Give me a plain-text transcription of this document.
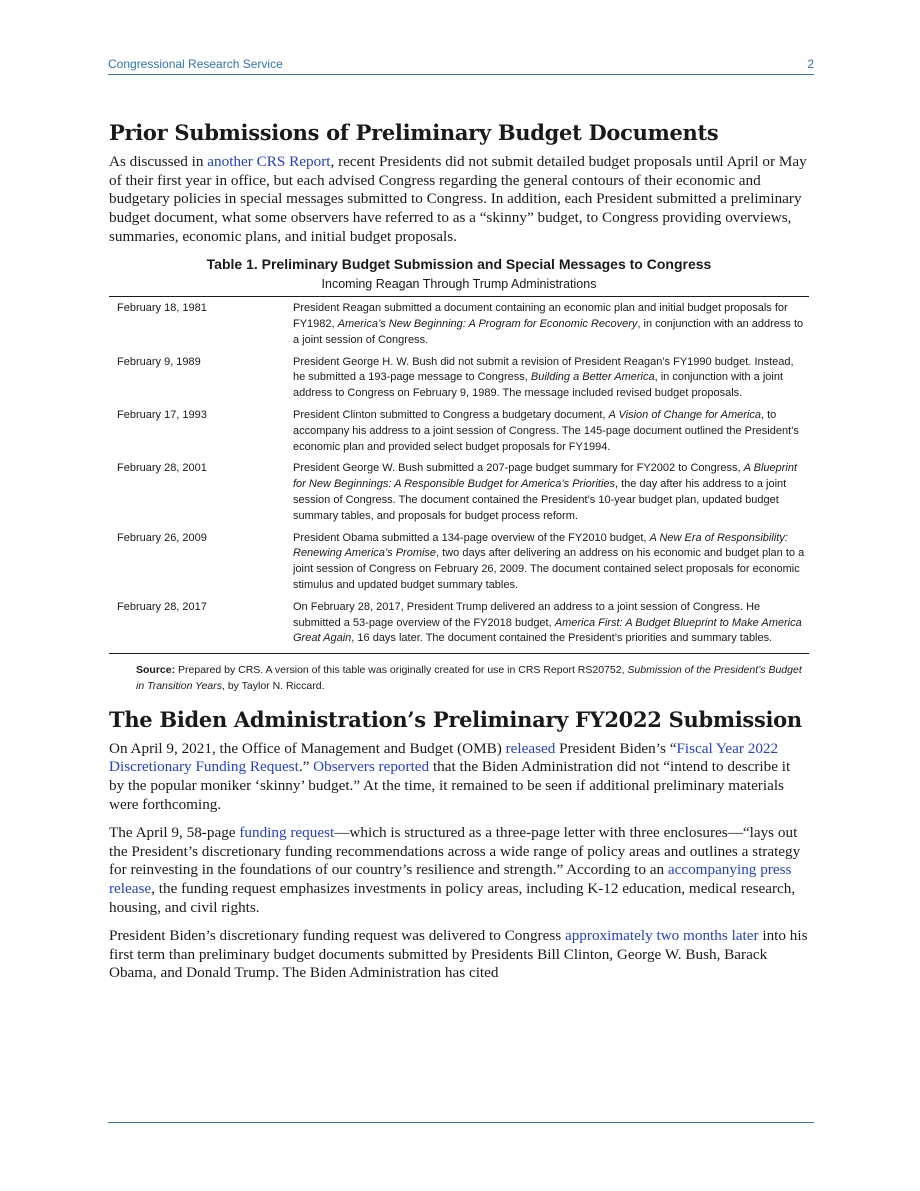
Congressional Research Service	2
Prior Submissions of Preliminary Budget Documents

As discussed in another CRS Report, recent Presidents did not submit detailed budget proposals until April or May of their first year in office, but each advised Congress regarding the general contours of their economic and budgetary policies in special messages submitted to Congress. In addition, each President submitted a preliminary budget document, what some observers have referred to as a “skinny” budget, to Congress providing overviews, summaries, economic plans, and initial budget proposals.

Table 1. Preliminary Budget Submission and Special Messages to Congress
Incoming Reagan Through Trump Administrations
February 18, 1981	President Reagan submitted a document containing an economic plan and initial budget proposals for FY1982, America’s New Beginning: A Program for Economic Recovery, in conjunction with an address to a joint session of Congress.
February 9, 1989	President George H. W. Bush did not submit a revision of President Reagan’s FY1990 budget. Instead, he submitted a 193-page message to Congress, Building a Better America, in conjunction with a joint address to Congress on February 9, 1989. The message included revised budget proposals.
February 17, 1993	President Clinton submitted to Congress a budgetary document, A Vision of Change for America, to accompany his address to a joint session of Congress. The 145-page document outlined the President’s economic plan and provided select budget proposals for FY1994.
February 28, 2001	President George W. Bush submitted a 207-page budget summary for FY2002 to Congress, A Blueprint for New Beginnings: A Responsible Budget for America’s Priorities, the day after his address to a joint session of Congress. The document contained the President’s 10-year budget plan, updated budget summary tables, and proposals for budget process reform.
February 26, 2009	President Obama submitted a 134-page overview of the FY2010 budget, A New Era of Responsibility: Renewing America’s Promise, two days after delivering an address on his economic and budget plan to a joint session of Congress on February 26, 2009. The document contained select proposals for economic stimulus and updated budget summary tables.
February 28, 2017	On February 28, 2017, President Trump delivered an address to a joint session of Congress. He submitted a 53-page overview of the FY2018 budget, America First: A Budget Blueprint to Make America Great Again, 16 days later. The document contained the President’s priorities and summary tables.
Source: Prepared by CRS. A version of this table was originally created for use in CRS Report RS20752, Submission of the President’s Budget in Transition Years, by Taylor N. Riccard.
The Biden Administration’s Preliminary FY2022 Submission

On April 9, 2021, the Office of Management and Budget (OMB) released President Biden’s “Fiscal Year 2022 Discretionary Funding Request.” Observers reported that the Biden Administration did not “intend to describe it by the popular moniker ‘skinny’ budget.” At the time, it remained to be seen if additional preliminary materials were forthcoming.

The April 9, 58-page funding request—which is structured as a three-page letter with three enclosures—“lays out the President’s discretionary funding recommendations across a wide range of policy areas and outlines a strategy for reinvesting in the foundations of our country’s resilience and strength.” According to an accompanying press release, the funding request emphasizes investments in policy areas, including K-12 education, medical research, housing, and civil rights.

President Biden’s discretionary funding request was delivered to Congress approximately two months later into his first term than preliminary budget documents submitted by Presidents Bill Clinton, George W. Bush, Barack Obama, and Donald Trump. The Biden Administration has cited
